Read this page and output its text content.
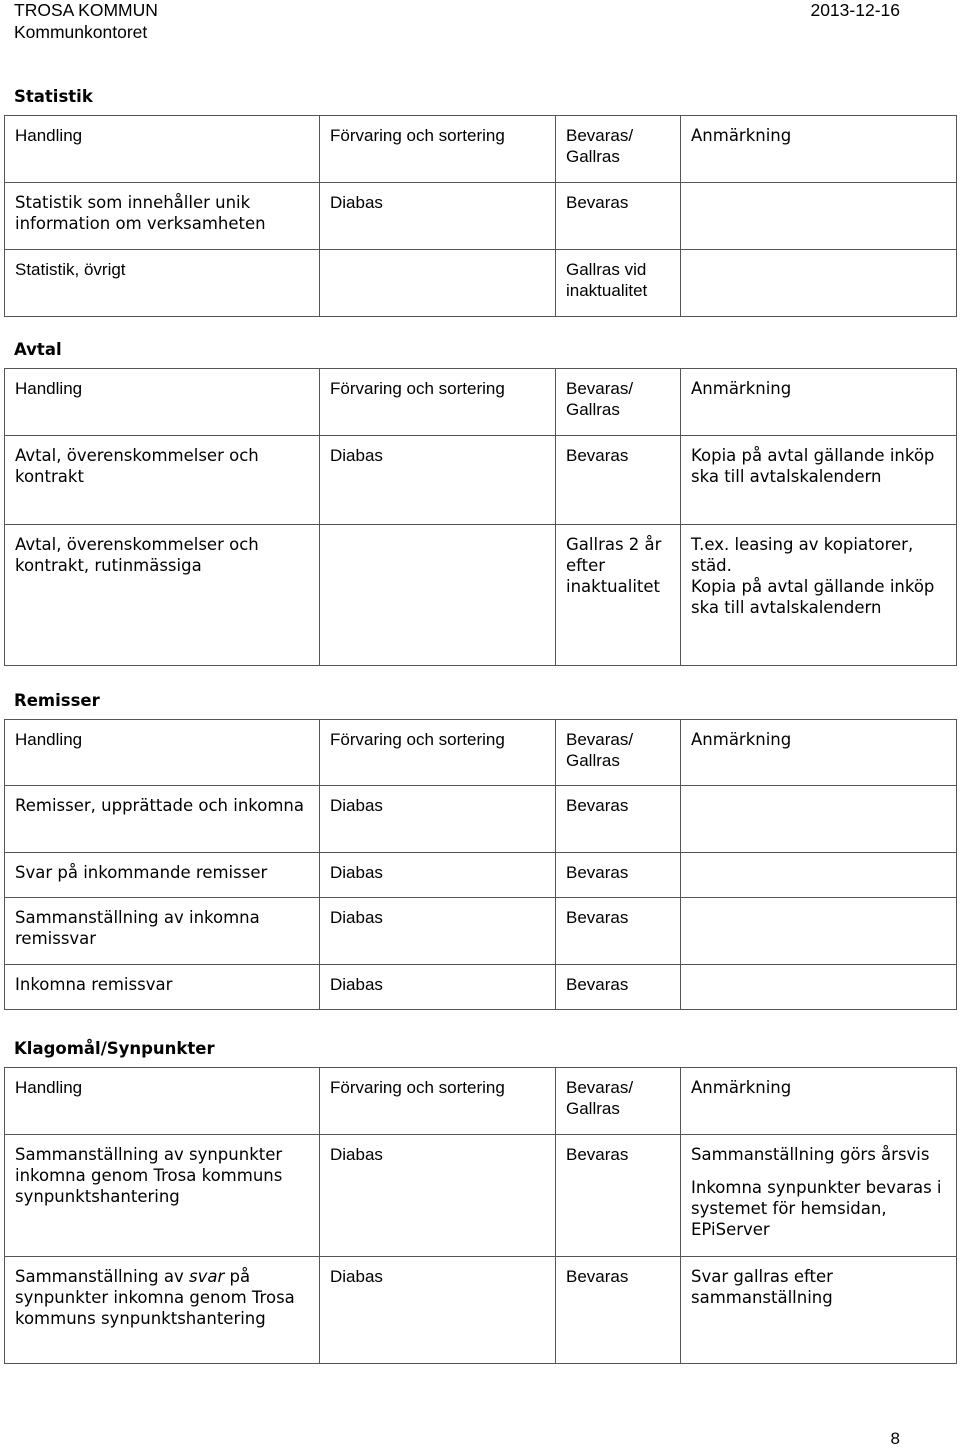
TROSA KOMMUN
Kommunkontoret
2013-12-16
Statistik
Handling	Förvaring och sortering	Bevaras/ Gallras	Anmärkning
Statistik som innehåller unik information om verksamheten	Diabas	Bevaras	
Statistik, övrigt		Gallras vid inaktualitet	
Avtal
Handling	Förvaring och sortering	Bevaras/ Gallras	Anmärkning
Avtal, överenskommelser och kontrakt	Diabas	Bevaras	Kopia på avtal gällande inköp ska till avtalskalendern
Avtal, överenskommelser och kontrakt, rutinmässiga		Gallras 2 år efter inaktualitet	T.ex. leasing av kopiatorer, städ.
Kopia på avtal gällande inköp ska till avtalskalendern
Remisser
Handling	Förvaring och sortering	Bevaras/ Gallras	Anmärkning
Remisser, upprättade och inkomna	Diabas	Bevaras	
Svar på inkommande remisser	Diabas	Bevaras	
Sammanställning av inkomna remissvar	Diabas	Bevaras	
Inkomna remissvar	Diabas	Bevaras	
Klagomål/Synpunkter
Handling	Förvaring och sortering	Bevaras/ Gallras	Anmärkning
Sammanställning av synpunkter inkomna genom Trosa kommuns synpunktshantering	Diabas	Bevaras	Sammanställning görs årsvis
Inkomna synpunkter bevaras i systemet för hemsidan, EPiServer

Sammanställning av svar på synpunkter inkomna genom Trosa kommuns synpunktshantering	Diabas	Bevaras	Svar gallras efter sammanställning
8
